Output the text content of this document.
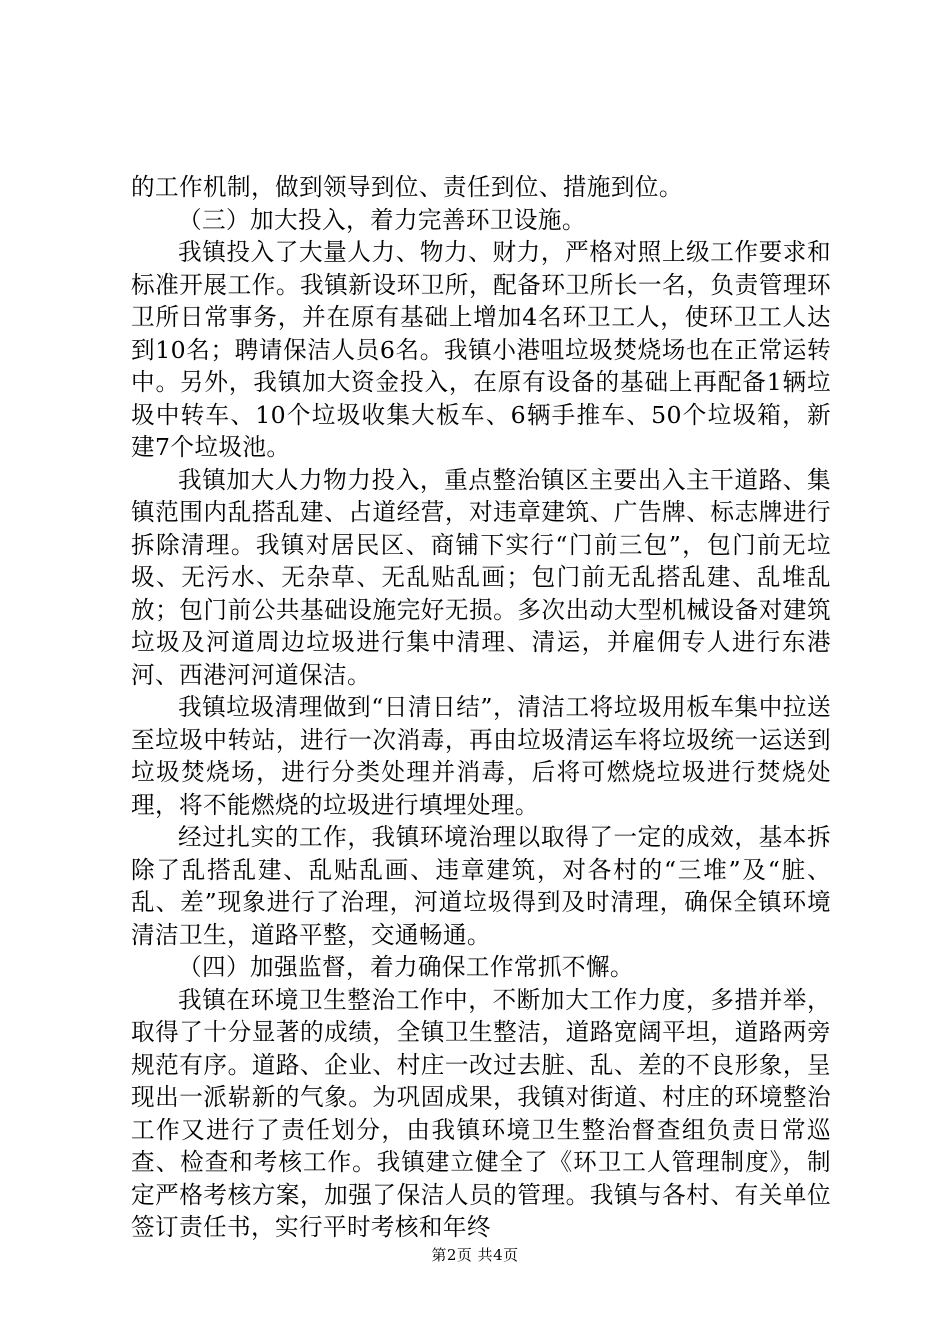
的工作机制，做到领导到位、责任到位、措施到位。

（三）加大投入，着力完善环卫设施。

我镇投入了大量人力、物力、财力，严格对照上级工作要求和标准开展工作。我镇新设环卫所，配备环卫所长一名，负责管理环卫所日常事务，并在原有基础上增加4名环卫工人，使环卫工人达到10名；聘请保洁人员6名。我镇小港咀垃圾焚烧场也在正常运转中。另外，我镇加大资金投入，在原有设备的基础上再配备1辆垃圾中转车、10个垃圾收集大板车、6辆手推车、50个垃圾箱，新建7个垃圾池。

我镇加大人力物力投入，重点整治镇区主要出入主干道路、集镇范围内乱搭乱建、占道经营，对违章建筑、广告牌、标志牌进行拆除清理。我镇对居民区、商铺下实行“门前三包”，包门前无垃圾、无污水、无杂草、无乱贴乱画；包门前无乱搭乱建、乱堆乱放；包门前公共基础设施完好无损。多次出动大型机械设备对建筑垃圾及河道周边垃圾进行集中清理、清运，并雇佣专人进行东港河、西港河河道保洁。

我镇垃圾清理做到“日清日结”，清洁工将垃圾用板车集中拉送至垃圾中转站，进行一次消毒，再由垃圾清运车将垃圾统一运送到垃圾焚烧场，进行分类处理并消毒，后将可燃烧垃圾进行焚烧处理，将不能燃烧的垃圾进行填埋处理。

经过扎实的工作，我镇环境治理以取得了一定的成效，基本拆除了乱搭乱建、乱贴乱画、违章建筑，对各村的“三堆”及“脏、乱、差”现象进行了治理，河道垃圾得到及时清理，确保全镇环境清洁卫生，道路平整，交通畅通。

（四）加强监督，着力确保工作常抓不懈。

我镇在环境卫生整治工作中，不断加大工作力度，多措并举，取得了十分显著的成绩，全镇卫生整洁，道路宽阔平坦，道路两旁规范有序。道路、企业、村庄一改过去脏、乱、差的不良形象，呈现出一派崭新的气象。为巩固成果，我镇对街道、村庄的环境整治工作又进行了责任划分，由我镇环境卫生整治督查组负责日常巡查、检查和考核工作。我镇建立健全了《环卫工人管理制度》，制定严格考核方案，加强了保洁人员的管理。我镇与各村、有关单位签订责任书，实行平时考核和年终

第2页 共4页
